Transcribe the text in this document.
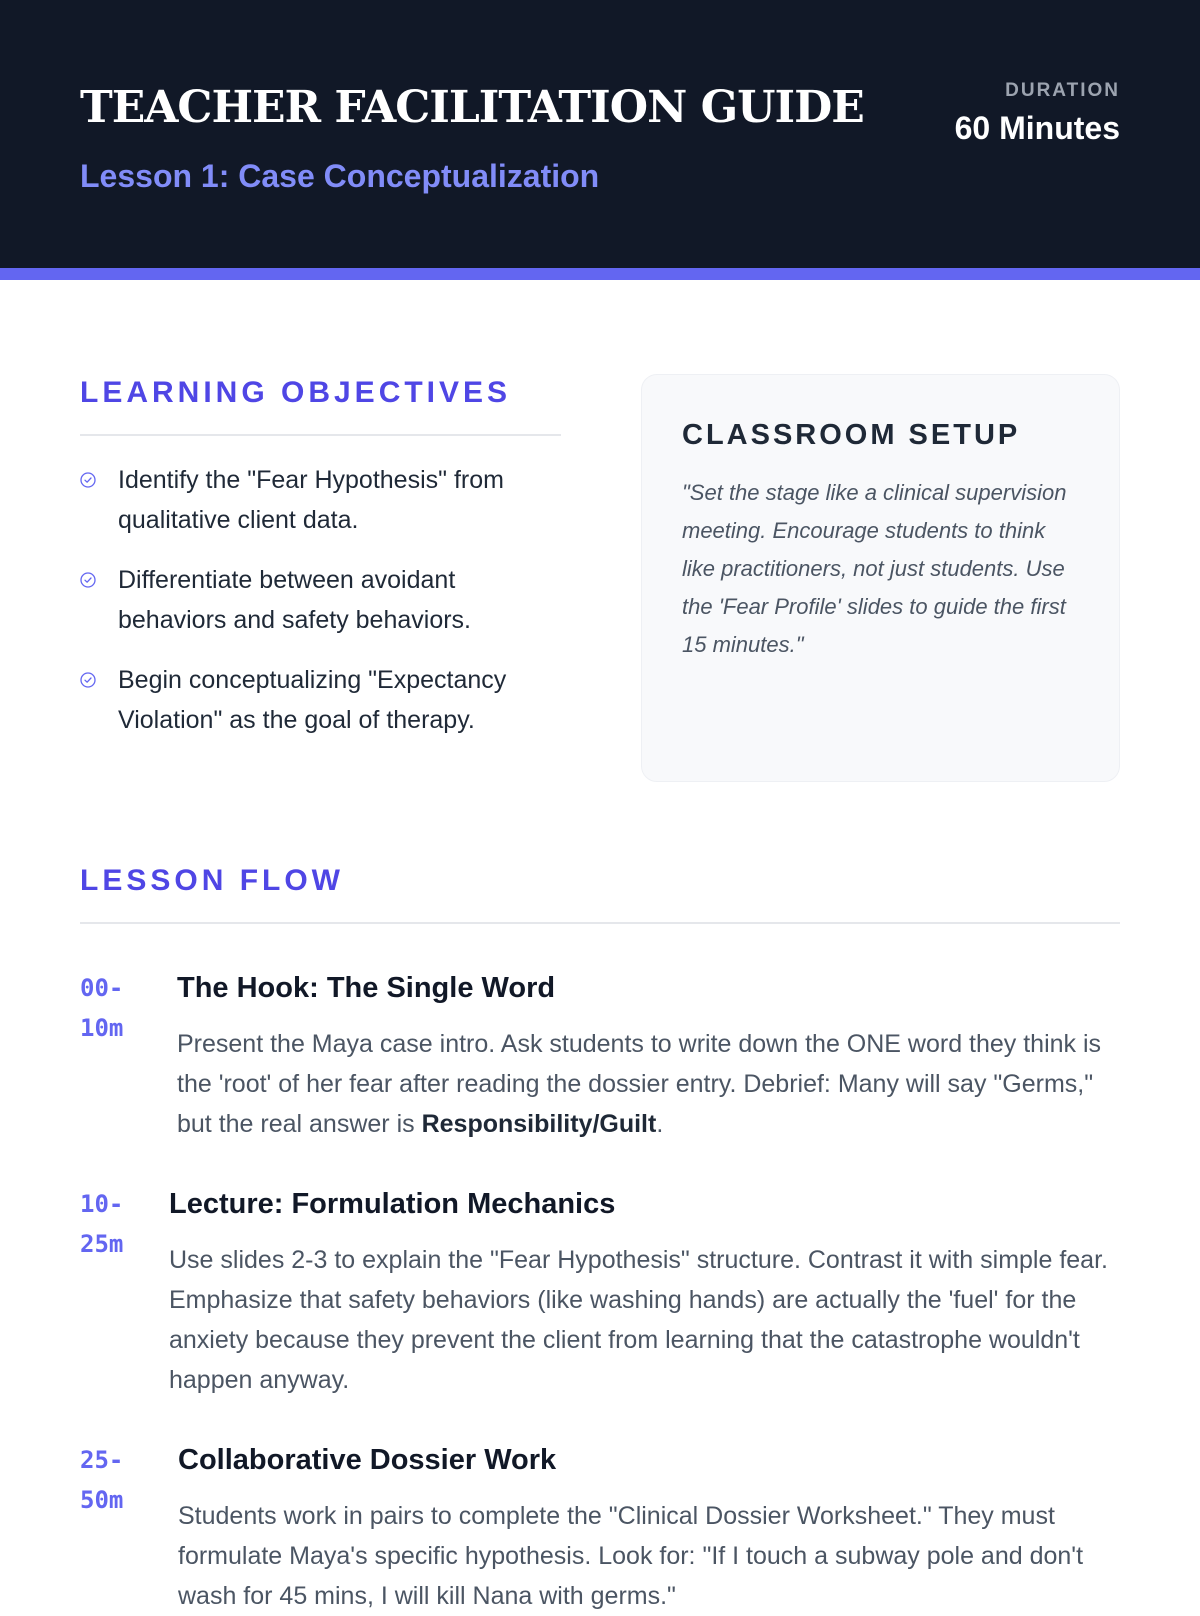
TEACHER FACILITATION GUIDE
Lesson 1: Case Conceptualization
DURATION
60 Minutes
LEARNING OBJECTIVES
Identify the "Fear Hypothesis" from qualitative client data.
Differentiate between avoidant behaviors and safety behaviors.
Begin conceptualizing "Expectancy Violation" as the goal of therapy.
CLASSROOM SETUP
"Set the stage like a clinical supervision meeting. Encourage students to think like practitioners, not just students. Use the 'Fear Profile' slides to guide the first 15 minutes."
LESSON FLOW
00-
10m
The Hook: The Single Word
Present the Maya case intro. Ask students to write down the ONE word they think is the 'root' of her fear after reading the dossier entry. Debrief: Many will say "Germs," but the real answer is Responsibility/Guilt.
10-
25m
Lecture: Formulation Mechanics
Use slides 2-3 to explain the "Fear Hypothesis" structure. Contrast it with simple fear. Emphasize that safety behaviors (like washing hands) are actually the 'fuel' for the anxiety because they prevent the client from learning that the catastrophe wouldn't happen anyway.
25-
50m
Collaborative Dossier Work
Students work in pairs to complete the "Clinical Dossier Worksheet." They must formulate Maya's specific hypothesis. Look for: "If I touch a subway pole and don't wash for 45 mins, I will kill Nana with germs."
